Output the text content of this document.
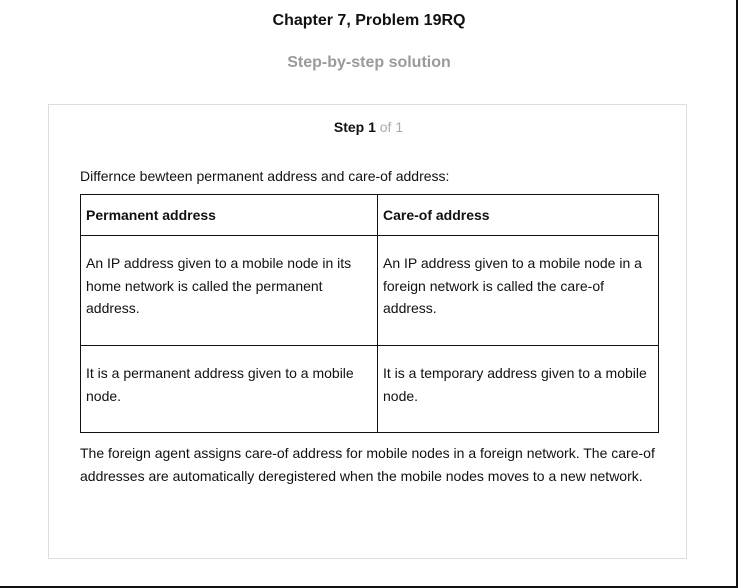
Chapter 7, Problem 19RQ
Step-by-step solution
Step 1 of 1
Differnce bewteen permanent address and care-of address:
Permanent address	Care-of address
An IP address given to a mobile node in its home network is called the permanent address.	An IP address given to a mobile node in a foreign network is called the care-of address.
It is a permanent address given to a mobile node.	It is a temporary address given to a mobile node.
The foreign agent assigns care-of address for mobile nodes in a foreign network. The care-of addresses are automatically deregistered when the mobile nodes moves to a new network.
